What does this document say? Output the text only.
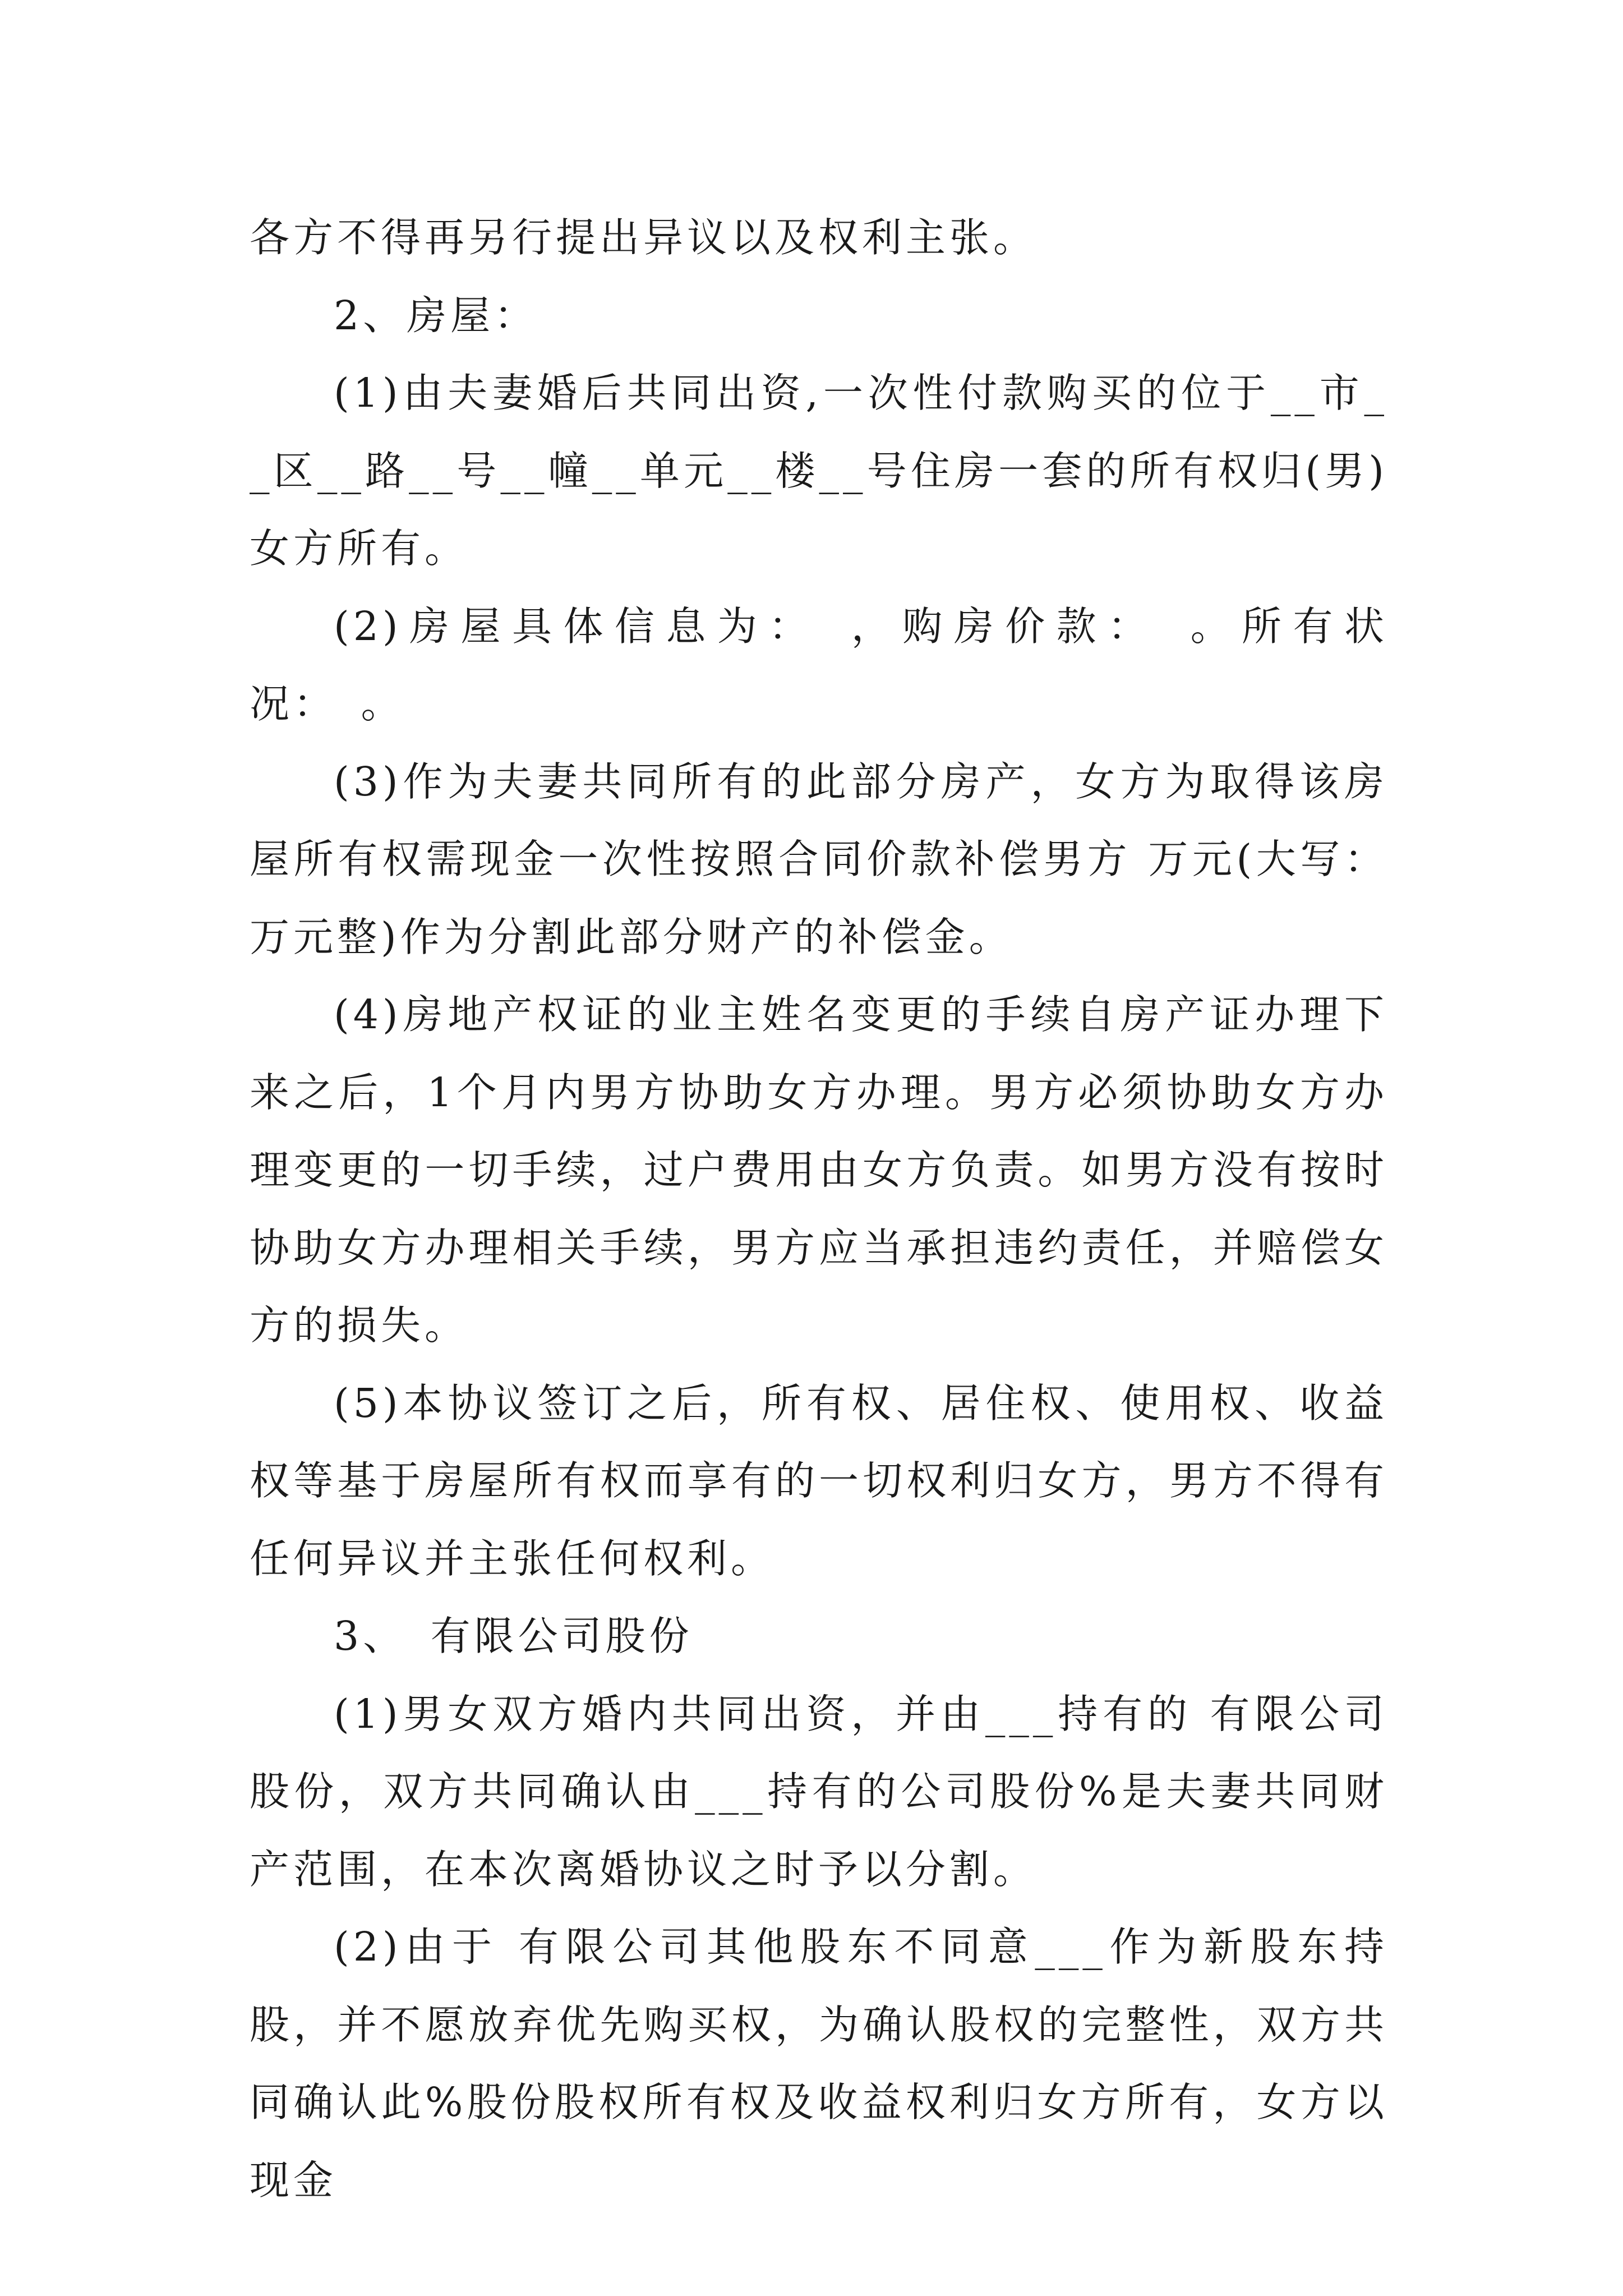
各方不得再另行提出异议以及权利主张。

2、房屋：

(1)由夫妻婚后共同出资,一次性付款购买的位于__市__区__路__号__幢__单元__楼__号住房一套的所有权归(男)女方所有。

(2)房屋具体信息为：　，购房价款：　。所有状况：　。

(3)作为夫妻共同所有的此部分房产，女方为取得该房屋所有权需现金一次性按照合同价款补偿男方 万元(大写：万元整)作为分割此部分财产的补偿金。

(4)房地产权证的业主姓名变更的手续自房产证办理下来之后，1个月内男方协助女方办理。男方必须协助女方办理变更的一切手续，过户费用由女方负责。如男方没有按时协助女方办理相关手续，男方应当承担违约责任，并赔偿女方的损失。

(5)本协议签订之后，所有权、居住权、使用权、收益权等基于房屋所有权而享有的一切权利归女方，男方不得有任何异议并主张任何权利。

3、　有限公司股份

(1)男女双方婚内共同出资，并由___持有的 有限公司股份，双方共同确认由___持有的公司股份%是夫妻共同财产范围，在本次离婚协议之时予以分割。

(2)由于 有限公司其他股东不同意___作为新股东持股，并不愿放弃优先购买权，为确认股权的完整性，双方共同确认此%股份股权所有权及收益权利归女方所有，女方以现金
